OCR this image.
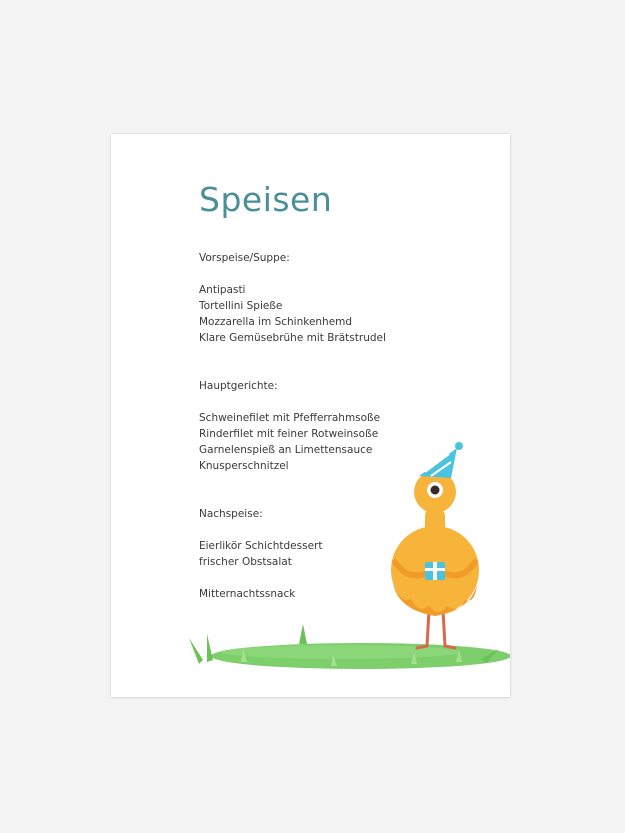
Speisen

Vorspeise/Suppe:

Antipasti

Tortellini Spieße

Mozzarella im Schinkenhemd

Klare Gemüsebrühe mit Brätstrudel

Hauptgerichte:

Schweinefilet mit Pfefferrahmsoße

Rinderfilet mit feiner Rotweinsoße

Garnelenspieß an Limettensauce

Knusperschnitzel

Nachspeise:

Eierlikör Schichtdessert

frischer Obstsalat

Mitternachtssnack
